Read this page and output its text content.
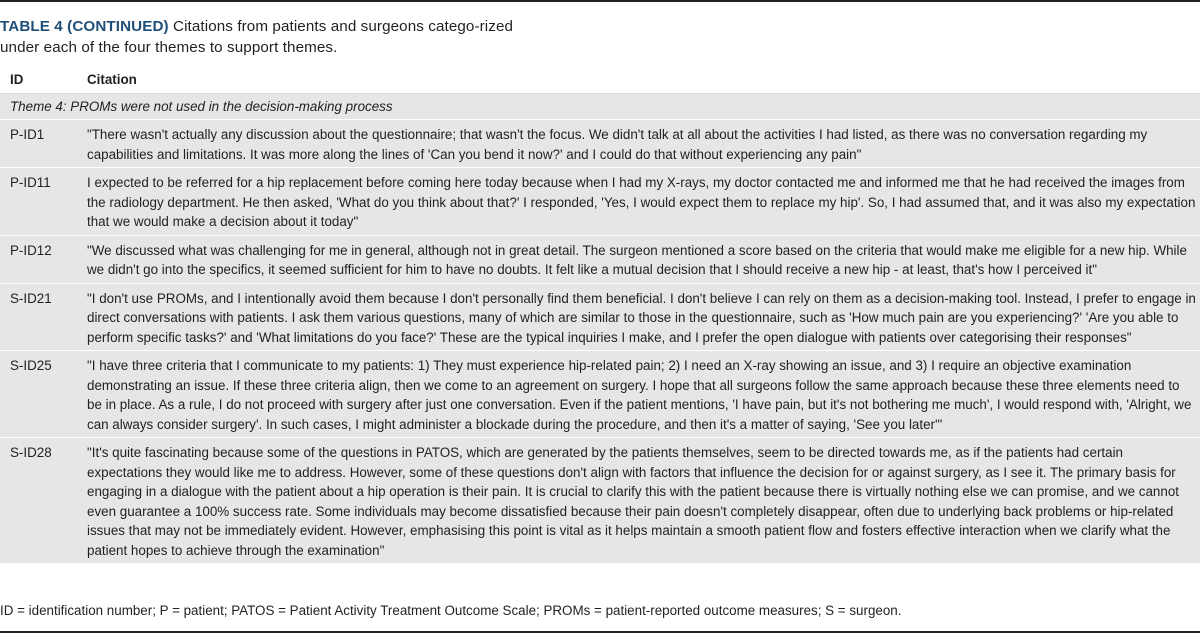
TABLE 4 (CONTINUED) Citations from patients and surgeons catego-rized under each of the four themes to support themes.
ID	Citation
Theme 4: PROMs were not used in the decision-making process
P-ID1	"There wasn't actually any discussion about the questionnaire; that wasn't the focus. We didn't talk at all about the activities I had listed, as there was no conversation regarding my capabilities and limitations. It was more along the lines of 'Can you bend it now?' and I could do that without experiencing any pain"
P-ID11	I expected to be referred for a hip replacement before coming here today because when I had my X-rays, my doctor contacted me and informed me that he had received the images from the radiology department. He then asked, 'What do you think about that?' I responded, 'Yes, I would expect them to replace my hip'. So, I had assumed that, and it was also my expectation that we would make a decision about it today"
P-ID12	"We discussed what was challenging for me in general, although not in great detail. The surgeon mentioned a score based on the criteria that would make me eligible for a new hip. While we didn't go into the specifics, it seemed sufficient for him to have no doubts. It felt like a mutual decision that I should receive a new hip - at least, that's how I perceived it"
S-ID21	"I don't use PROMs, and I intentionally avoid them because I don't personally find them beneficial. I don't believe I can rely on them as a decision-making tool. Instead, I prefer to engage in direct conversations with patients. I ask them various questions, many of which are similar to those in the questionnaire, such as 'How much pain are you experiencing?' 'Are you able to perform specific tasks?' and 'What limitations do you face?' These are the typical inquiries I make, and I prefer the open dialogue with patients over categorising their responses"
S-ID25	"I have three criteria that I communicate to my patients: 1) They must experience hip-related pain; 2) I need an X-ray showing an issue, and 3) I require an objective examination demonstrating an issue. If these three criteria align, then we come to an agreement on surgery. I hope that all surgeons follow the same approach because these three elements need to be in place. As a rule, I do not proceed with surgery after just one conversation. Even if the patient mentions, 'I have pain, but it's not bothering me much', I would respond with, 'Alright, we can always consider surgery'. In such cases, I might administer a blockade during the procedure, and then it's a matter of saying, 'See you later'"
S-ID28	"It's quite fascinating because some of the questions in PATOS, which are generated by the patients themselves, seem to be directed towards me, as if the patients had certain expectations they would like me to address. However, some of these questions don't align with factors that influence the decision for or against surgery, as I see it. The primary basis for engaging in a dialogue with the patient about a hip operation is their pain. It is crucial to clarify this with the patient because there is virtually nothing else we can promise, and we cannot even guarantee a 100% success rate. Some individuals may become dissatisfied because their pain doesn't completely disappear, often due to underlying back problems or hip-related issues that may not be immediately evident. However, emphasising this point is vital as it helps maintain a smooth patient flow and fosters effective interaction when we clarify what the patient hopes to achieve through the examination"
ID = identification number; P = patient; PATOS = Patient Activity Treatment Outcome Scale; PROMs = patient-reported outcome measures; S = surgeon.
